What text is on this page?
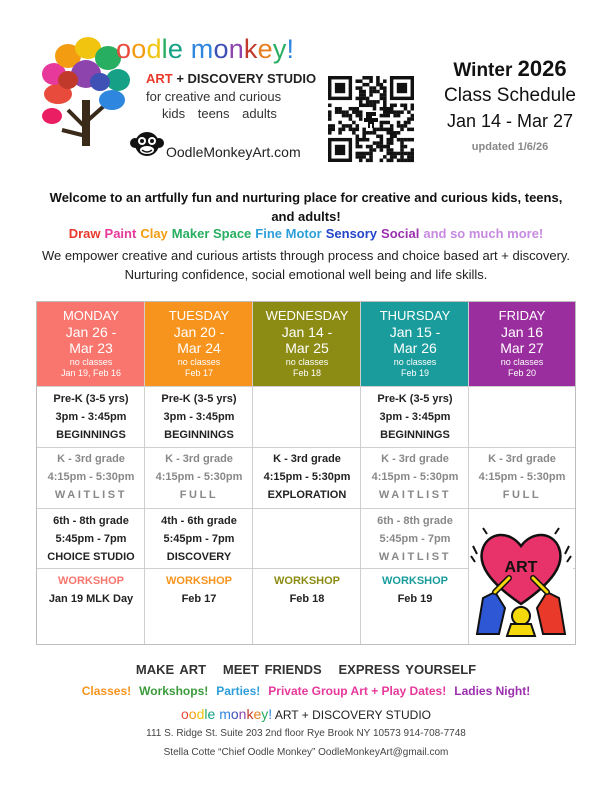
oodle monkey!
ART + DISCOVERY STUDIO
for creative and curious
kids teens adults
OodleMonkeyArt.com
Winter 2026
Class Schedule
Jan 14 - Mar 27
updated 1/6/26
Welcome to an artfully fun and nurturing place for creative and curious kids, teens, and adults!
Draw Paint Clay Maker Space Fine Motor Sensory Social and so much more!
We empower creative and curious artists through process and choice based art + discovery. Nurturing confidence, social emotional well being and life skills.
MONDAY
Jan 26 -
Mar 23
no classes
Jan 19, Feb 16
Pre-K (3-5 yrs)
3pm - 3:45pm
BEGINNINGS
K - 3rd grade
4:15pm - 5:30pm
WAITLIST
6th - 8th grade
5:45pm - 7pm
CHOICE STUDIO
WORKSHOP
Jan 19 MLK Day
TUESDAY
Jan 20 -
Mar 24
no classes
Feb 17
Pre-K (3-5 yrs)
3pm - 3:45pm
BEGINNINGS
K - 3rd grade
4:15pm - 5:30pm
FULL
4th - 6th grade
5:45pm - 7pm
DISCOVERY
WORKSHOP
Feb 17
WEDNESDAY
Jan 14 -
Mar 25
no classes
Feb 18
K - 3rd grade
4:15pm - 5:30pm
EXPLORATION
WORKSHOP
Feb 18
THURSDAY
Jan 15 -
Mar 26
no classes
Feb 19
Pre-K (3-5 yrs)
3pm - 3:45pm
BEGINNINGS
K - 3rd grade
4:15pm - 5:30pm
WAITLIST
6th - 8th grade
5:45pm - 7pm
WAITLIST
WORKSHOP
Feb 19
FRIDAY
Jan 16
Mar 27
no classes
Feb 20
K - 3rd grade
4:15pm - 5:30pm
FULL
ART
MAKE ART   MEET FRIENDS   EXPRESS YOURSELF
Classes! Workshops! Parties! Private Group Art + Play Dates! Ladies Night!
oodle monkey! ART + DISCOVERY STUDIO
111 S. Ridge St. Suite 203 2nd floor Rye Brook NY 10573 914-708-7748
Stella Cotte “Chief Oodle Monkey” OodleMonkeyArt@gmail.com
